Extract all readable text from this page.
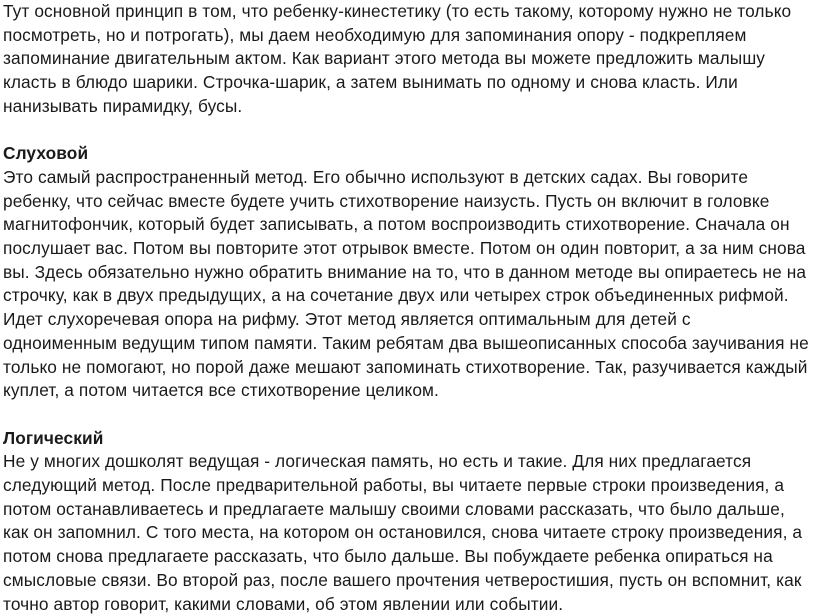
Тут основной принцип в том, что ребенку-кинестетику (то есть такому, которому нужно не только
посмотреть, но и потрогать), мы даем необходимую для запоминания опору - подкрепляем
запоминание двигательным актом. Как вариант этого метода вы можете предложить малышу
класть в блюдо шарики. Строчка-шарик, а затем вынимать по одному и снова класть. Или
нанизывать пирамидку, бусы.
Слуховой
Это самый распространенный метод. Его обычно используют в детских садах. Вы говорите
ребенку, что сейчас вместе будете учить стихотворение наизусть. Пусть он включит в головке
магнитофончик, который будет записывать, а потом воспроизводить стихотворение. Сначала он
послушает вас. Потом вы повторите этот отрывок вместе. Потом он один повторит, а за ним снова
вы. Здесь обязательно нужно обратить внимание на то, что в данном методе вы опираетесь не на
строчку, как в двух предыдущих, а на сочетание двух или четырех строк объединенных рифмой.
Идет слухоречевая опора на рифму. Этот метод является оптимальным для детей с
одноименным ведущим типом памяти. Таким ребятам два вышеописанных способа заучивания не
только не помогают, но порой даже мешают запоминать стихотворение. Так, разучивается каждый
куплет, а потом читается все стихотворение целиком.
Логический
Не у многих дошколят ведущая - логическая память, но есть и такие. Для них предлагается
следующий метод. После предварительной работы, вы читаете первые строки произведения, а
потом останавливаетесь и предлагаете малышу своими словами рассказать, что было дальше,
как он запомнил. С того места, на котором он остановился, снова читаете строку произведения, а
потом снова предлагаете рассказать, что было дальше. Вы побуждаете ребенка опираться на
смысловые связи. Во второй раз, после вашего прочтения четверостишия, пусть он вспомнит, как
точно автор говорит, какими словами, об этом явлении или событии.
